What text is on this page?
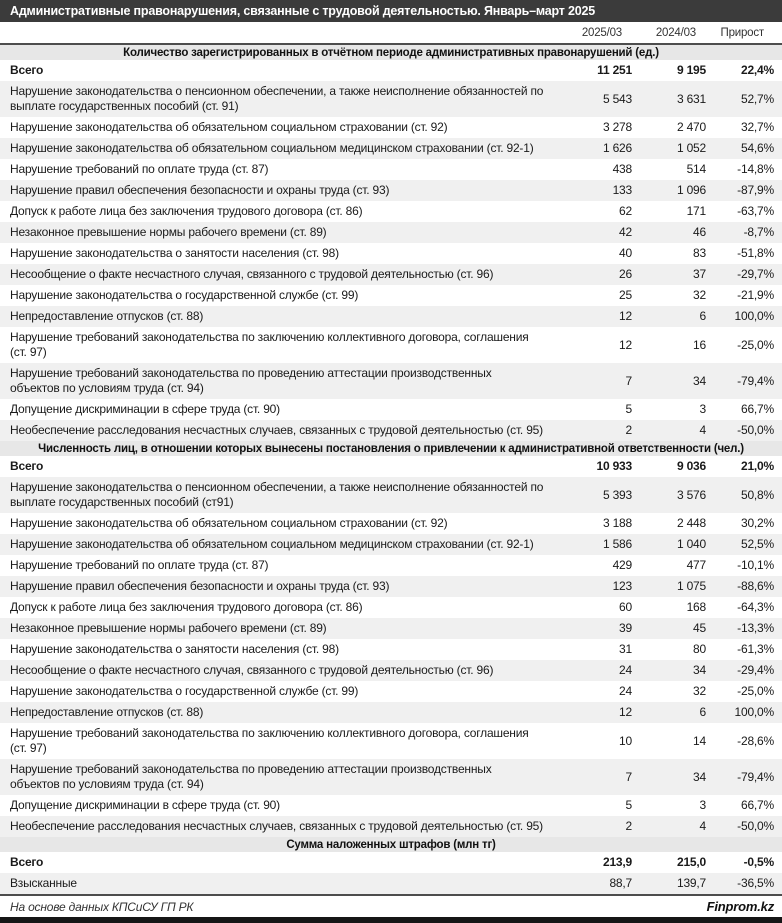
Административные правонарушения, связанные с трудовой деятельностью. Январь–март 2025
2025/03	2024/03	Прирост
Количество зарегистрированных в отчётном периоде административных правонарушений (ед.)
Всего	11 251	9 195	22,4%
Нарушение законодательства о пенсионном обеспечении, а также неисполнение обязанностей по выплате государственных пособий (ст. 91)
5 543	3 631	52,7%
Нарушение законодательства об обязательном социальном страховании (ст. 92)	3 278	2 470	32,7%
Нарушение законодательства об обязательном социальном медицинском страховании (ст. 92-1)	1 626	1 052	54,6%
Нарушение требований по оплате труда (ст. 87)	438	514	-14,8%
Нарушение правил обеспечения безопасности и охраны труда (ст. 93)	133	1 096	-87,9%
Допуск к работе лица без заключения трудового договора (ст. 86)	62	171	-63,7%
Незаконное превышение нормы рабочего времени (ст. 89)	42	46	-8,7%
Нарушение законодательства о занятости населения (ст. 98)	40	83	-51,8%
Несообщение о факте несчастного случая, связанного с трудовой деятельностью (ст. 96)	26	37	-29,7%
Нарушение законодательства о государственной службе (ст. 99)	25	32	-21,9%
Непредоставление отпусков (ст. 88)	12	6	100,0%
Нарушение требований законодательства по заключению коллективного договора, соглашения (ст. 97)
12	16	-25,0%
Нарушение требований законодательства по проведению аттестации производственных объектов по условиям труда (ст. 94)
7	34	-79,4%
Допущение дискриминации в сфере труда (ст. 90)	5	3	66,7%
Необеспечение расследования несчастных случаев, связанных с трудовой деятельностью (ст. 95)	2	4	-50,0%
Численность лиц, в отношении которых вынесены постановления о привлечении к административной ответственности (чел.)
Всего	10 933	9 036	21,0%
Нарушение законодательства о пенсионном обеспечении, а также неисполнение обязанностей по выплате государственных пособий (ст91)
5 393	3 576	50,8%
Нарушение законодательства об обязательном социальном страховании (ст. 92)	3 188	2 448	30,2%
Нарушение законодательства об обязательном социальном медицинском страховании (ст. 92-1)	1 586	1 040	52,5%
Нарушение требований по оплате труда (ст. 87)	429	477	-10,1%
Нарушение правил обеспечения безопасности и охраны труда (ст. 93)	123	1 075	-88,6%
Допуск к работе лица без заключения трудового договора (ст. 86)	60	168	-64,3%
Незаконное превышение нормы рабочего времени (ст. 89)	39	45	-13,3%
Нарушение законодательства о занятости населения (ст. 98)	31	80	-61,3%
Несообщение о факте несчастного случая, связанного с трудовой деятельностью (ст. 96)	24	34	-29,4%
Нарушение законодательства о государственной службе (ст. 99)	24	32	-25,0%
Непредоставление отпусков (ст. 88)	12	6	100,0%
Нарушение требований законодательства по заключению коллективного договора, соглашения (ст. 97)
10	14	-28,6%
Нарушение требований законодательства по проведению аттестации производственных объектов по условиям труда (ст. 94)
7	34	-79,4%
Допущение дискриминации в сфере труда (ст. 90)	5	3	66,7%
Необеспечение расследования несчастных случаев, связанных с трудовой деятельностью (ст. 95)	2	4	-50,0%
Сумма наложенных штрафов (млн тг)
Всего	213,9	215,0	-0,5%
Взысканные	88,7	139,7	-36,5%
На основе данных КПСиСУ ГП РК	Finprom.kz
